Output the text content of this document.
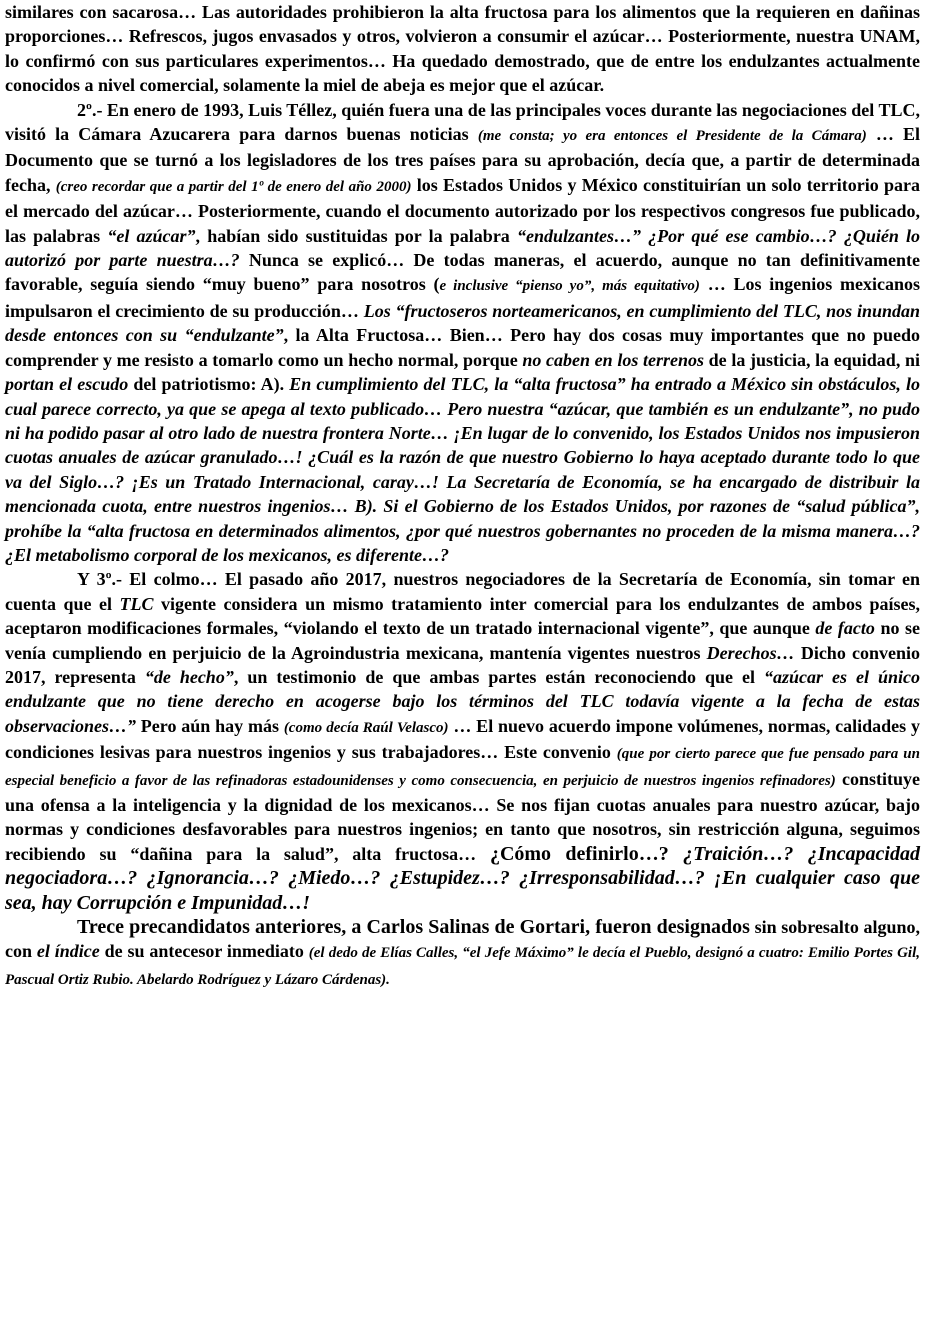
similares con sacarosa… Las autoridades prohibieron la alta fructosa para los alimentos que la requieren en dañinas proporciones… Refrescos, jugos envasados y otros, volvieron a consumir el azúcar… Posteriormente, nuestra UNAM, lo confirmó con sus particulares experimentos… Ha quedado demostrado, que de entre los endulzantes actualmente conocidos a nivel comercial, solamente la miel de abeja es mejor que el azúcar.

2º.- En enero de 1993, Luis Téllez, quién fuera una de las principales voces durante las negociaciones del TLC, visitó la Cámara Azucarera para darnos buenas noticias (me consta; yo era entonces el Presidente de la Cámara) … El Documento que se turnó a los legisladores de los tres países para su aprobación, decía que, a partir de determinada fecha, (creo recordar que a partir del 1º de enero del año 2000) los Estados Unidos y México constituirían un solo territorio para el mercado del azúcar… Posteriormente, cuando el documento autorizado por los respectivos congresos fue publicado, las palabras “el azúcar”, habían sido sustituidas por la palabra “endulzantes…” ¿Por qué ese cambio…? ¿Quién lo autorizó por parte nuestra…? Nunca se explicó… De todas maneras, el acuerdo, aunque no tan definitivamente favorable, seguía siendo “muy bueno” para nosotros (e inclusive “pienso yo”, más equitativo) … Los ingenios mexicanos impulsaron el crecimiento de su producción… Los “fructoseros norteamericanos, en cumplimiento del TLC, nos inundan desde entonces con su “endulzante”, la Alta Fructosa… Bien… Pero hay dos cosas muy importantes que no puedo comprender y me resisto a tomarlo como un hecho normal, porque no caben en los terrenos de la justicia, la equidad, ni portan el escudo del patriotismo: A). En cumplimiento del TLC, la “alta fructosa” ha entrado a México sin obstáculos, lo cual parece correcto, ya que se apega al texto publicado… Pero nuestra “azúcar, que también es un endulzante”, no pudo ni ha podido pasar al otro lado de nuestra frontera Norte… ¡En lugar de lo convenido, los Estados Unidos nos impusieron cuotas anuales de azúcar granulado…! ¿Cuál es la razón de que nuestro Gobierno lo haya aceptado durante todo lo que va del Siglo…? ¡Es un Tratado Internacional, caray…! La Secretaría de Economía, se ha encargado de distribuir la mencionada cuota, entre nuestros ingenios… B). Si el Gobierno de los Estados Unidos, por razones de “salud pública”, prohíbe la “alta fructosa en determinados alimentos, ¿por qué nuestros gobernantes no proceden de la misma manera…? ¿El metabolismo corporal de los mexicanos, es diferente…?

Y 3º.- El colmo… El pasado año 2017, nuestros negociadores de la Secretaría de Economía, sin tomar en cuenta que el TLC vigente considera un mismo tratamiento inter comercial para los endulzantes de ambos países, aceptaron modificaciones formales, “violando el texto de un tratado internacional vigente”, que aunque de facto no se venía cumpliendo en perjuicio de la Agroindustria mexicana, mantenía vigentes nuestros Derechos… Dicho convenio 2017, representa “de hecho”, un testimonio de que ambas partes están reconociendo que el “azúcar es el único endulzante que no tiene derecho en acogerse bajo los términos del TLC todavía vigente a la fecha de estas observaciones…” Pero aún hay más (como decía Raúl Velasco) … El nuevo acuerdo impone volúmenes, normas, calidades y condiciones lesivas para nuestros ingenios y sus trabajadores… Este convenio (que por cierto parece que fue pensado para un especial beneficio a favor de las refinadoras estadounidenses y como consecuencia, en perjuicio de nuestros ingenios refinadores) constituye una ofensa a la inteligencia y la dignidad de los mexicanos… Se nos fijan cuotas anuales para nuestro azúcar, bajo normas y condiciones desfavorables para nuestros ingenios; en tanto que nosotros, sin restricción alguna, seguimos recibiendo su “dañina para la salud”, alta fructosa… ¿Cómo definirlo…? ¿Traición…? ¿Incapacidad negociadora…? ¿Ignorancia…? ¿Miedo…? ¿Estupidez…? ¿Irresponsabilidad…? ¡En cualquier caso que sea, hay Corrupción e Impunidad…!

Trece precandidatos anteriores, a Carlos Salinas de Gortari, fueron designados sin sobresalto alguno, con el índice de su antecesor inmediato (el dedo de Elías Calles, “el Jefe Máximo” le decía el Pueblo, designó a cuatro: Emilio Portes Gil, Pascual Ortiz Rubio. Abelardo Rodríguez y Lázaro Cárdenas).
